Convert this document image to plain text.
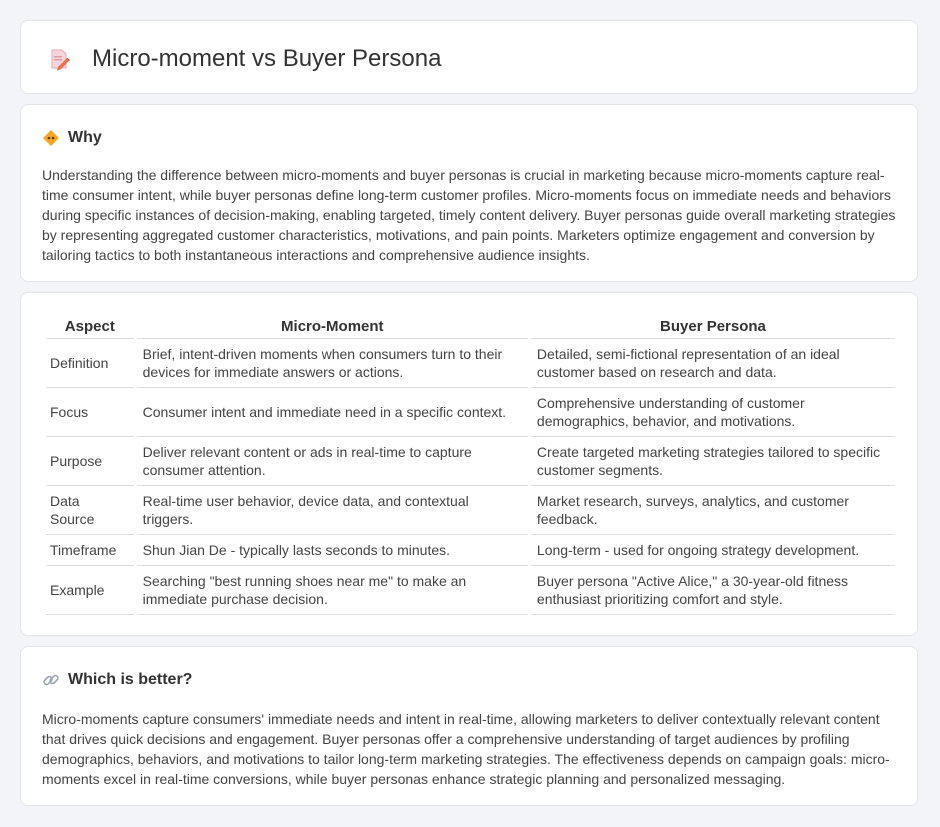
Micro-moment vs Buyer Persona
Why
Understanding the difference between micro-moments and buyer personas is crucial in marketing because micro-moments capture real-time consumer intent, while buyer personas define long-term customer profiles. Micro-moments focus on immediate needs and behaviors during specific instances of decision-making, enabling targeted, timely content delivery. Buyer personas guide overall marketing strategies by representing aggregated customer characteristics, motivations, and pain points. Marketers optimize engagement and conversion by tailoring tactics to both instantaneous interactions and comprehensive audience insights.
Aspect	Micro-Moment	Buyer Persona
Definition	Brief, intent-driven moments when consumers turn to their devices for immediate answers or actions.	Detailed, semi-fictional representation of an ideal customer based on research and data.
Focus	Consumer intent and immediate need in a specific context.	Comprehensive understanding of customer demographics, behavior, and motivations.
Purpose	Deliver relevant content or ads in real-time to capture consumer attention.	Create targeted marketing strategies tailored to specific customer segments.
Data Source	Real-time user behavior, device data, and contextual triggers.	Market research, surveys, analytics, and customer feedback.
Timeframe	Shun Jian De - typically lasts seconds to minutes.	Long-term - used for ongoing strategy development.
Example	Searching "best running shoes near me" to make an immediate purchase decision.	Buyer persona "Active Alice," a 30-year-old fitness enthusiast prioritizing comfort and style.
Which is better?
Micro-moments capture consumers' immediate needs and intent in real-time, allowing marketers to deliver contextually relevant content that drives quick decisions and engagement. Buyer personas offer a comprehensive understanding of target audiences by profiling demographics, behaviors, and motivations to tailor long-term marketing strategies. The effectiveness depends on campaign goals: micro-moments excel in real-time conversions, while buyer personas enhance strategic planning and personalized messaging.
